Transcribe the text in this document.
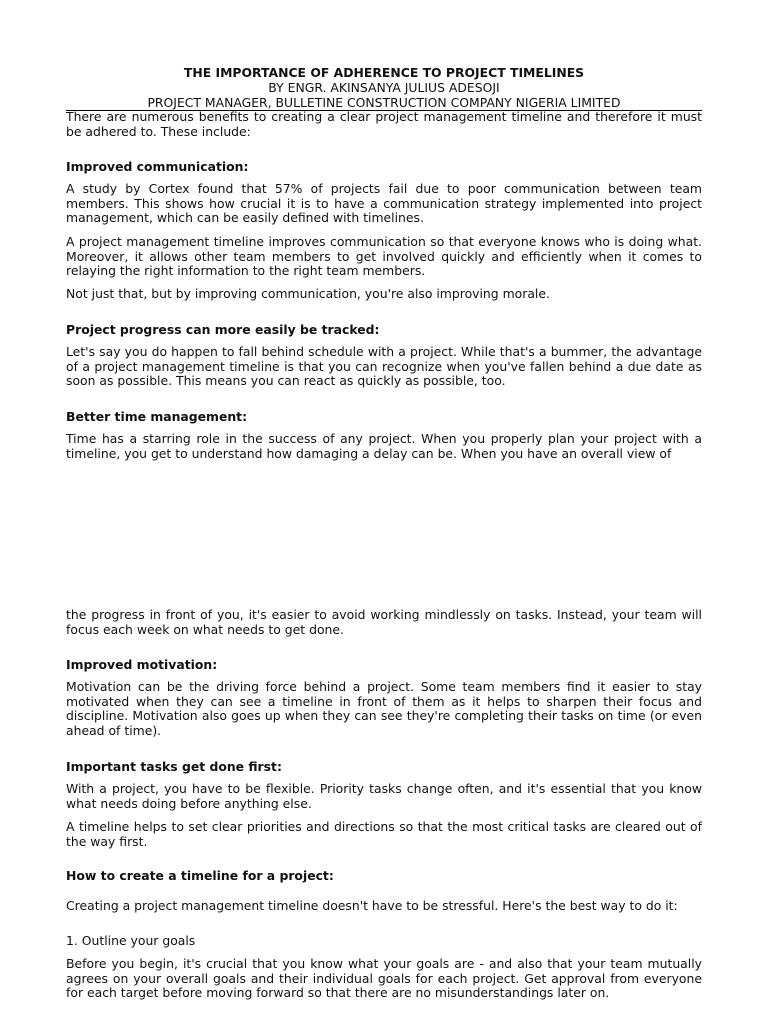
THE IMPORTANCE OF ADHERENCE TO PROJECT TIMELINES
BY ENGR. AKINSANYA JULIUS ADESOJI
PROJECT MANAGER, BULLETINE CONSTRUCTION COMPANY NIGERIA LIMITED

There are numerous benefits to creating a clear project management timeline and therefore it must be adhered to. These include:

Improved communication:

A study by Cortex found that 57% of projects fail due to poor communication between team members. This shows how crucial it is to have a communication strategy implemented into project management, which can be easily defined with timelines.

A project management timeline improves communication so that everyone knows who is doing what. Moreover, it allows other team members to get involved quickly and efficiently when it comes to relaying the right information to the right team members.

Not just that, but by improving communication, you're also improving morale.

Project progress can more easily be tracked:

Let's say you do happen to fall behind schedule with a project. While that's a bummer, the advantage of a project management timeline is that you can recognize when you've fallen behind a due date as soon as possible. This means you can react as quickly as possible, too.

Better time management:

Time has a starring role in the success of any project. When you properly plan your project with a timeline, you get to understand how damaging a delay can be. When you have an overall view of

the progress in front of you, it's easier to avoid working mindlessly on tasks. Instead, your team will focus each week on what needs to get done.

Improved motivation:

Motivation can be the driving force behind a project. Some team members find it easier to stay motivated when they can see a timeline in front of them as it helps to sharpen their focus and discipline. Motivation also goes up when they can see they're completing their tasks on time (or even ahead of time).

Important tasks get done first:

With a project, you have to be flexible. Priority tasks change often, and it's essential that you know what needs doing before anything else.

A timeline helps to set clear priorities and directions so that the most critical tasks are cleared out of the way first.

How to create a timeline for a project:

Creating a project management timeline doesn't have to be stressful. Here's the best way to do it:

1. Outline your goals

Before you begin, it's crucial that you know what your goals are - and also that your team mutually agrees on your overall goals and their individual goals for each project. Get approval from everyone for each target before moving forward so that there are no misunderstandings later on.
